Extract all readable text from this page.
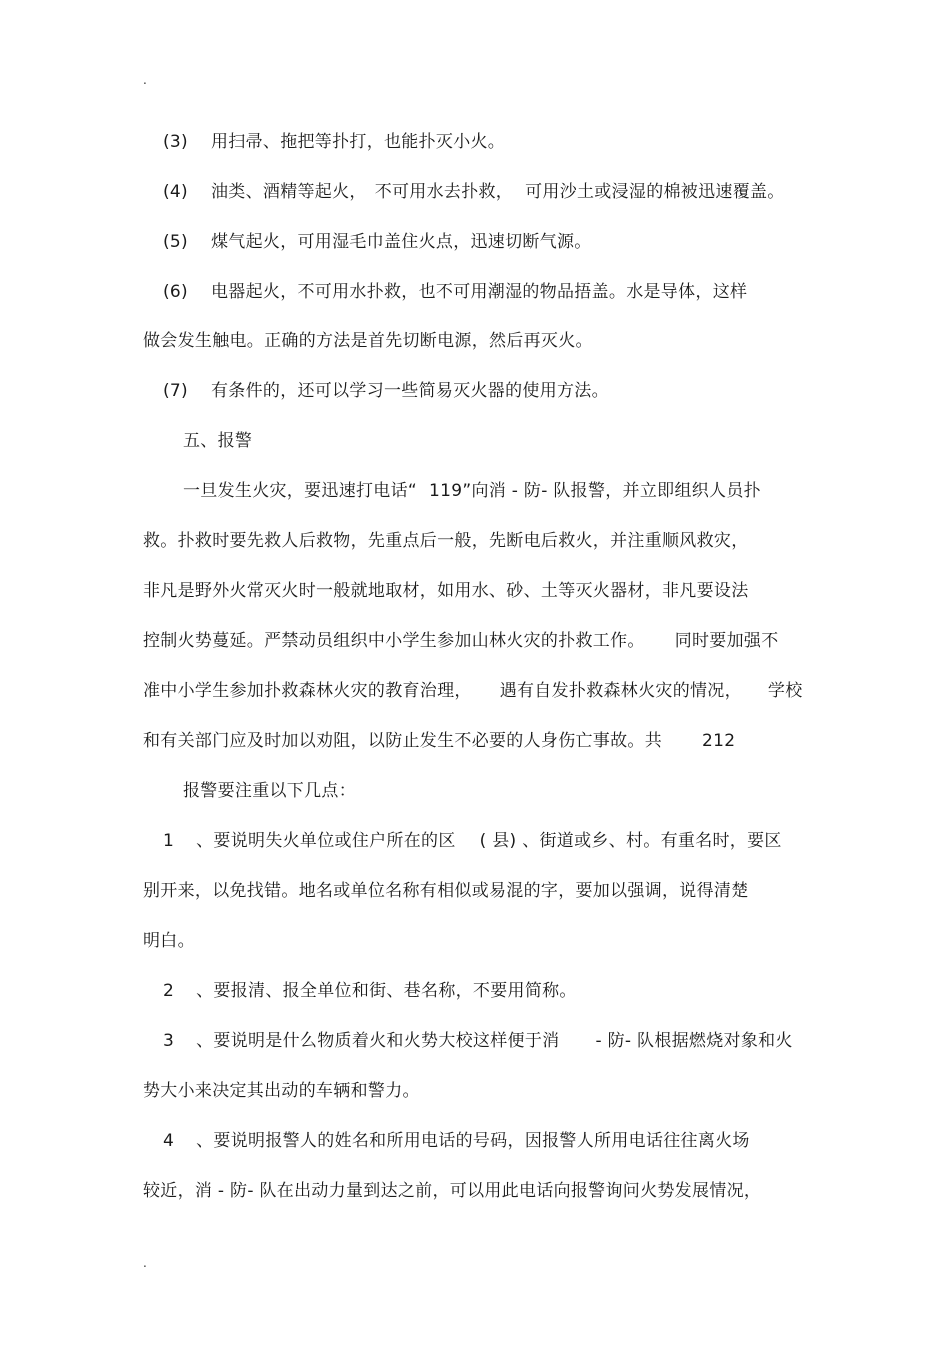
.
(3) 用扫帚、拖把等扑打，也能扑灭小火。
(4) 油类、酒精等起火， 不可用水去扑救， 可用沙土或浸湿的棉被迅速覆盖。
(5) 煤气起火，可用湿毛巾盖住火点，迅速切断气源。
(6) 电器起火，不可用水扑救，也不可用潮湿的物品捂盖。水是导体，这样
做会发生触电。正确的方法是首先切断电源，然后再灭火。
(7) 有条件的，还可以学习一些简易灭火器的使用方法。
五、报警
一旦发生火灾，要迅速打电话“ 119”向消 - 防- 队报警，并立即组织人员扑
救。扑救时要先救人后救物，先重点后一般，先断电后救火，并注重顺风救灾，
非凡是野外火常灭火时一般就地取材，如用水、砂、土等灭火器材，非凡要设法
控制火势蔓延。严禁动员组织中小学生参加山林火灾的扑救工作。 同时要加强不
准中小学生参加扑救森林火灾的教育治理， 遇有自发扑救森林火灾的情况， 学校
和有关部门应及时加以劝阻，以防止发生不必要的人身伤亡事故。共 212
报警要注重以下几点：
1 、要说明失火单位或住户所在的区 ( 县) 、街道或乡、村。有重名时，要区
别开来，以免找错。地名或单位名称有相似或易混的字，要加以强调，说得清楚
明白。
2 、要报清、报全单位和街、巷名称，不要用简称。
3 、要说明是什么物质着火和火势大校这样便于消 - 防- 队根据燃烧对象和火
势大小来决定其出动的车辆和警力。
4 、要说明报警人的姓名和所用电话的号码，因报警人所用电话往往离火场
较近，消 - 防- 队在出动力量到达之前，可以用此电话向报警询问火势发展情况，
.
